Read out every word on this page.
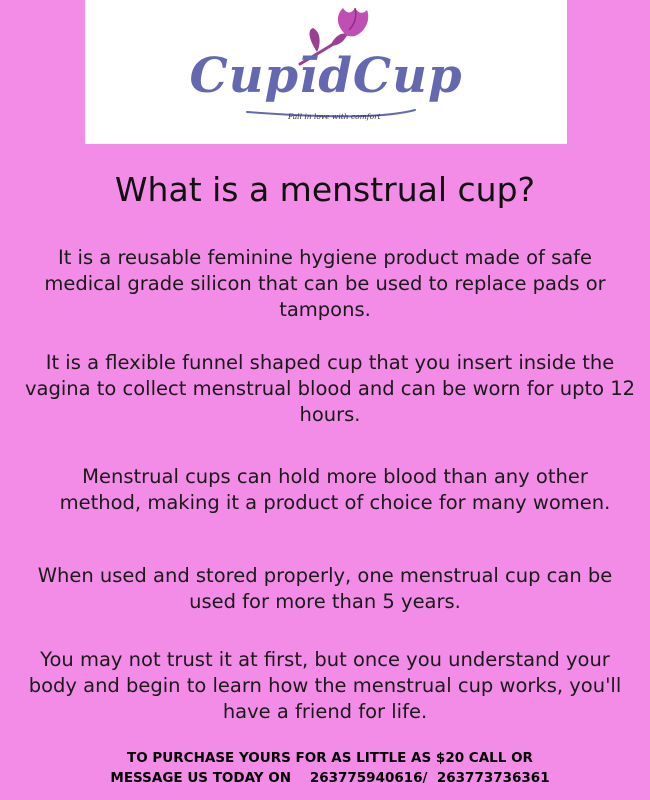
CupīdCup
Fall in love with comfort
What is a menstrual cup?

It is a reusable feminine hygiene product made of safe medical grade silicon that can be used to replace pads or tampons.

It is a flexible funnel shaped cup that you insert inside the vagina to collect menstrual blood and can be worn for upto 12 hours.

Menstrual cups can hold more blood than any other method, making it a product of choice for many women.

When used and stored properly, one menstrual cup can be used for more than 5 years.

You may not trust it at first, but once you understand your body and begin to learn how the menstrual cup works, you'll have a friend for life.

TO PURCHASE YOURS FOR AS LITTLE AS $20 CALL OR
MESSAGE US TODAY ON    263775940616/  263773736361
